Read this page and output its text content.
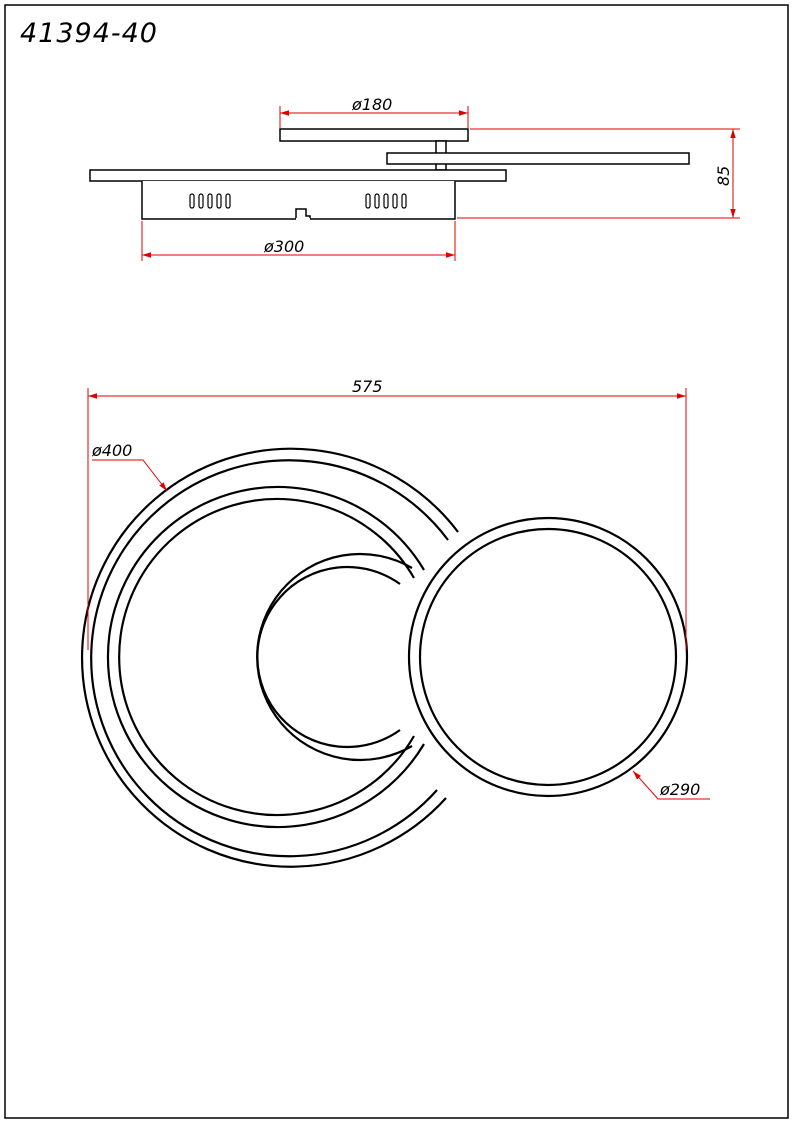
41394-40
ø180
ø300
85
575
ø400
ø290
